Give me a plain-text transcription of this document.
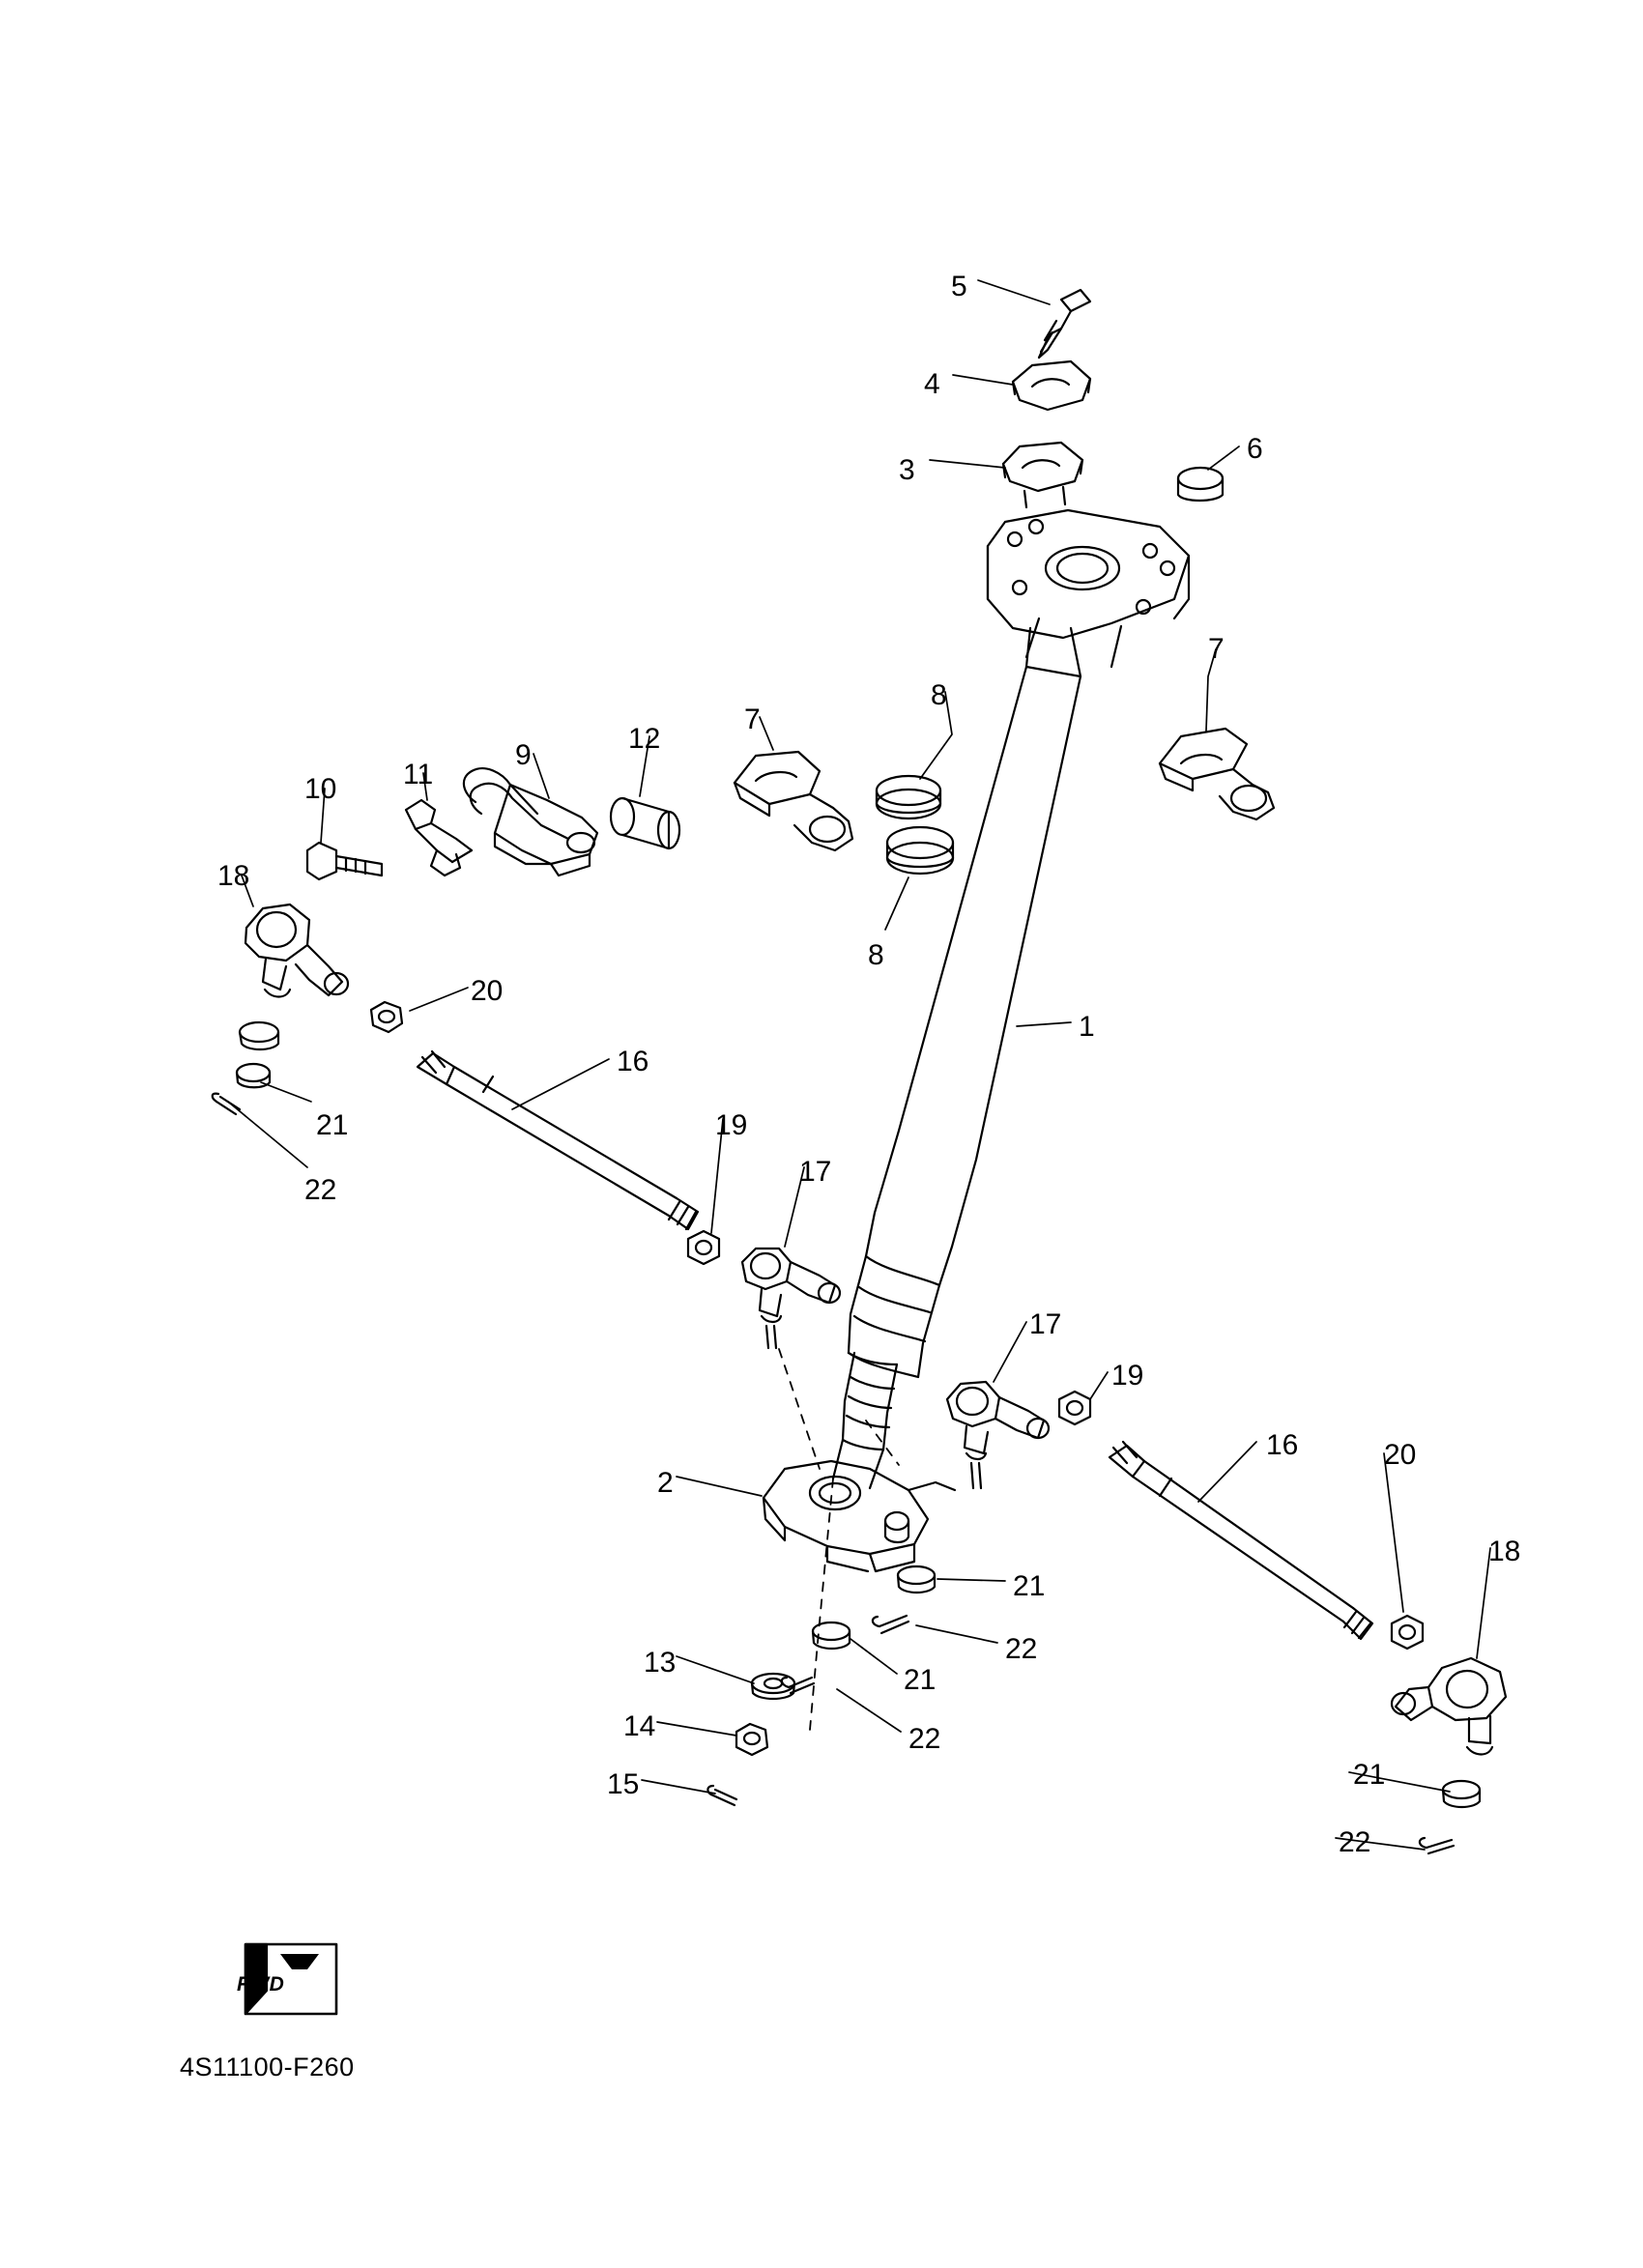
5
4
3
6
7
8
7
12
9
11
10
18
8
1
20
16
21	19
22
17
17
19
16
2
20
18
21
22
13
21
14	22
15	21
22
FWD
4S11100-F260
